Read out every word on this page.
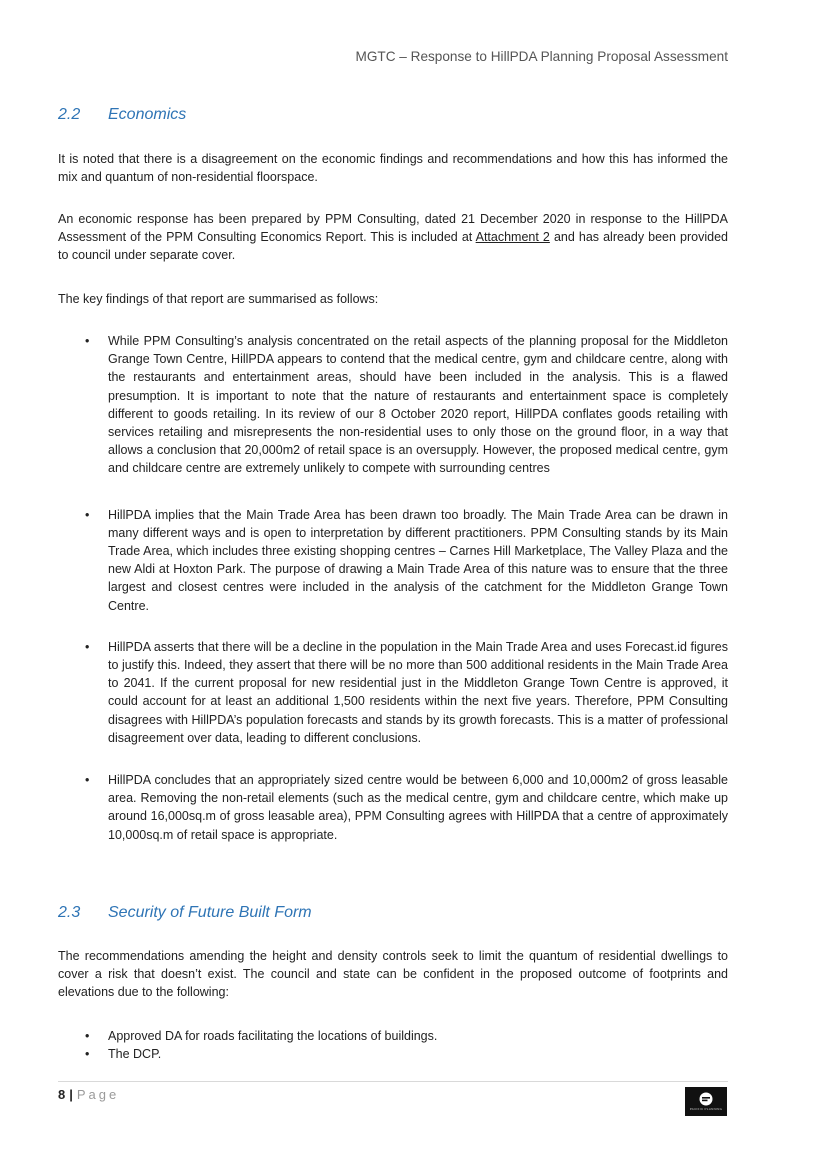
MGTC – Response to HillPDA Planning Proposal Assessment
2.2 Economics

It is noted that there is a disagreement on the economic findings and recommendations and how this has informed the mix and quantum of non-residential floorspace.

An economic response has been prepared by PPM Consulting, dated 21 December 2020 in response to the HillPDA Assessment of the PPM Consulting Economics Report. This is included at Attachment 2 and has already been provided to council under separate cover.

The key findings of that report are summarised as follows:

• While PPM Consulting’s analysis concentrated on the retail aspects of the planning proposal for the Middleton Grange Town Centre, HillPDA appears to contend that the medical centre, gym and childcare centre, along with the restaurants and entertainment areas, should have been included in the analysis. This is a flawed presumption. It is important to note that the nature of restaurants and entertainment space is completely different to goods retailing. In its review of our 8 October 2020 report, HillPDA conflates goods retailing with services retailing and misrepresents the non-residential uses to only those on the ground floor, in a way that allows a conclusion that 20,000m2 of retail space is an oversupply. However, the proposed medical centre, gym and childcare centre are extremely unlikely to compete with surrounding centres
• HillPDA implies that the Main Trade Area has been drawn too broadly. The Main Trade Area can be drawn in many different ways and is open to interpretation by different practitioners. PPM Consulting stands by its Main Trade Area, which includes three existing shopping centres – Carnes Hill Marketplace, The Valley Plaza and the new Aldi at Hoxton Park. The purpose of drawing a Main Trade Area of this nature was to ensure that the three largest and closest centres were included in the analysis of the catchment for the Middleton Grange Town Centre.
• HillPDA asserts that there will be a decline in the population in the Main Trade Area and uses Forecast.id figures to justify this. Indeed, they assert that there will be no more than 500 additional residents in the Main Trade Area to 2041. If the current proposal for new residential just in the Middleton Grange Town Centre is approved, it could account for at least an additional 1,500 residents within the next five years. Therefore, PPM Consulting disagrees with HillPDA’s population forecasts and stands by its growth forecasts. This is a matter of professional disagreement over data, leading to different conclusions.
• HillPDA concludes that an appropriately sized centre would be between 6,000 and 10,000m2 of gross leasable area. Removing the non-retail elements (such as the medical centre, gym and childcare centre, which make up around 16,000sq.m of gross leasable area), PPM Consulting agrees with HillPDA that a centre of approximately 10,000sq.m of retail space is appropriate.
2.3 Security of Future Built Form

The recommendations amending the height and density controls seek to limit the quantum of residential dwellings to cover a risk that doesn’t exist. The council and state can be confident in the proposed outcome of footprints and elevations due to the following:

• Approved DA for roads facilitating the locations of buildings.
• The DCP.
8 | Page
PACIFIC PLANNING
